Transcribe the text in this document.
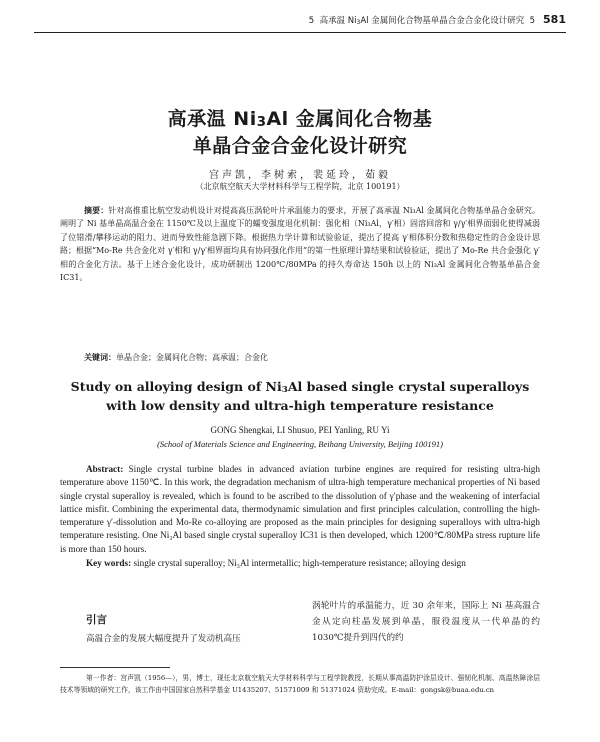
5 高承温 $Ni_3Al$ 金属间化合物基单晶合金合金化设计研究 5 581
高承温 $Ni_3Al$ 金属间化合物基
单晶合金合金化设计研究
宫声凯，李树索，裴延玲，茹毅
（北京航空航天大学材料科学与工程学院，北京 100191）
摘要：针对高推重比航空发动机设计对提高高压涡轮叶片承温能力的要求，开展了高承温 Ni₃Al 金属间化合物基单晶合金研究。阐明了 Ni 基单晶高温合金在 1150℃及以上温度下的蠕变强度退化机制：强化相（Ni₃Al，γ′相）固溶回溶和 γ/γ′相界面弱化使得减弱了位错滑/攀移运动的阻力、进而导致性能急剧下降。根据热力学计算和试验验证，提出了提高 γ′相体积分数和热稳定性的合金设计思路；根据“Mo-Re 共合金化对 γ′相和 γ/γ′相界面均具有协同强化作用”的第一性原理计算结果和试验验证，提出了 Mo-Re 共合金强化 γ′相的合金化方法。基于上述合金化设计，成功研制出 1200℃/80MPa 的持久寿命达 150h 以上的 Ni₃Al 金属间化合物基单晶合金 IC31。
关键词：单晶合金；金属间化合物；高承温；合金化
Study on alloying design of $Ni_3Al$ based single crystal superalloys
with low density and ultra-high temperature resistance
GONG Shengkai, LI Shusuo, PEI Yanling, RU Yi
(School of Materials Science and Engineering, Beihang University, Beijing 100191)
Abstract: Single crystal turbine blades in advanced aviation turbine engines are required for resisting ultra-high temperature above 1150℃. In this work, the degradation mechanism of ultra-high temperature mechanical properties of Ni based single crystal superalloy is revealed, which is found to be ascribed to the dissolution of γ′phase and the weakening of interfacial lattice misfit. Combining the experimental data, thermodynamic simulation and first principles calculation, controlling the high-temperature γ′-dissolution and Mo-Re co-alloying are proposed as the main principles for designing superalloys with ultra-high temperature resisting. One Ni₃Al based single crystal superalloy IC31 is then developed, which 1200℃/80MPa stress rupture life is more than 150 hours.
Key words: single crystal superalloy; Ni₃Al intermetallic; high-temperature resistance; alloying design
引言
高温合金的发展大幅度提升了发动机高压
涡轮叶片的承温能力，近 30 余年来，国际上 Ni 基高温合金从定向柱晶发展到单晶，服役温度从一代单晶的约 1030℃提升到四代的约
第一作者：宫声凯（1956—），男，博士，现任北京航空航天大学材料科学与工程学院教授，长期从事高温防护涂层设计、强韧化机制、高温热障涂层技术等领域的研究工作，该工作由中国国家自然科学基金 U1435207、51571009 和 51371024 资助完成。E-mail：gongsk@buaa.edu.cn
